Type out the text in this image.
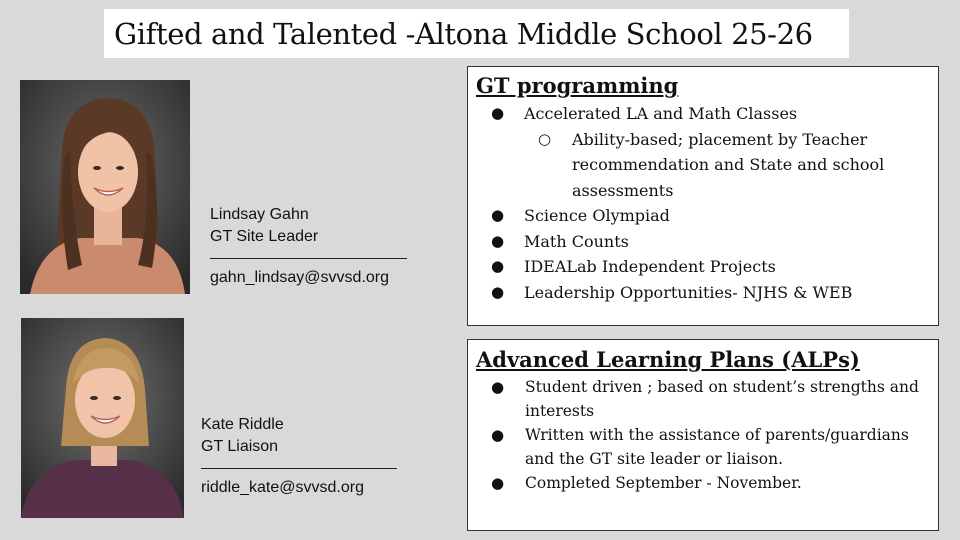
Gifted and Talented -Altona Middle School 25-26
Lindsay Gahn
GT Site Leader
gahn_lindsay@svvsd.org
Kate Riddle
GT Liaison
riddle_kate@svvsd.org
GT programming
● Accelerated LA and Math Classes
○ Ability-based; placement by Teacher recommendation and State and school assessments
● Science Olympiad
● Math Counts
● IDEALab Independent Projects
● Leadership Opportunities- NJHS & WEB
Advanced Learning Plans (ALPs)
● Student driven ; based on student’s strengths and interests
● Written with the assistance of parents/guardians and the GT site leader or liaison.
● Completed September - November.
